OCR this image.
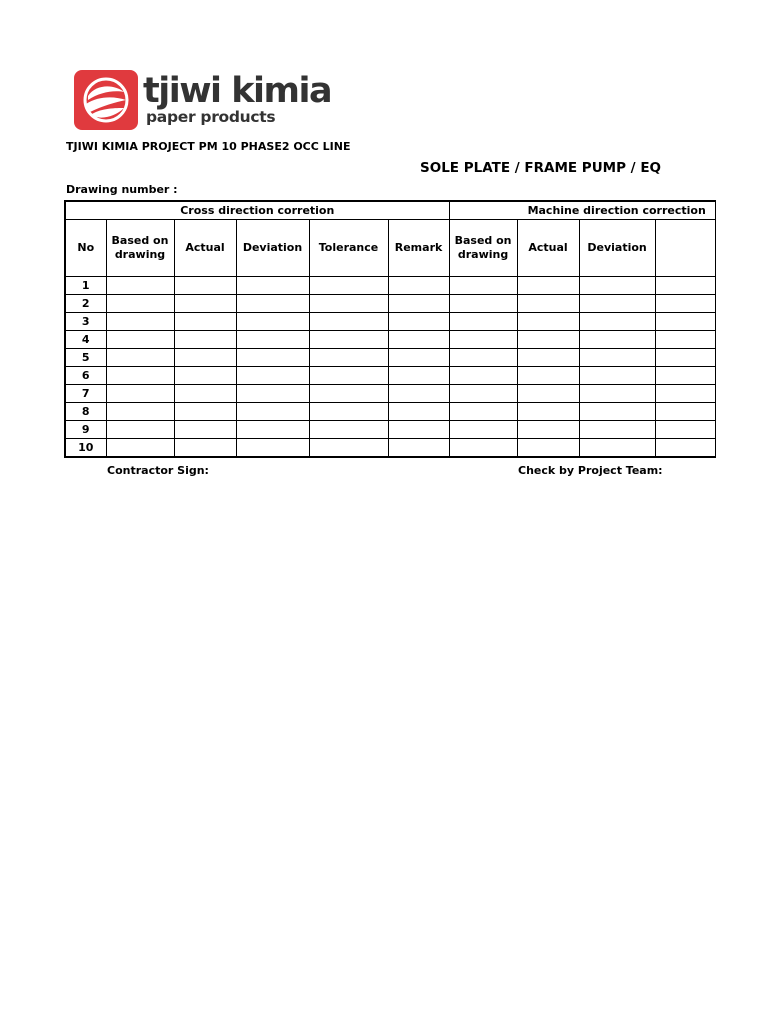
tjiwi kimia
paper products
TJIWI KIMIA PROJECT PM 10 PHASE2 OCC LINE
SOLE PLATE / FRAME PUMP / EQ
Drawing number :
Cross direction corretion						Machine direction correction			
No	Based on drawing	Actual	Deviation	Tolerance	Remark	Based on drawing	Actual	Deviation	
1									
2									
3									
4									
5									
6									
7									
8									
9									
10									
Contractor Sign:	Check by Project Team:
